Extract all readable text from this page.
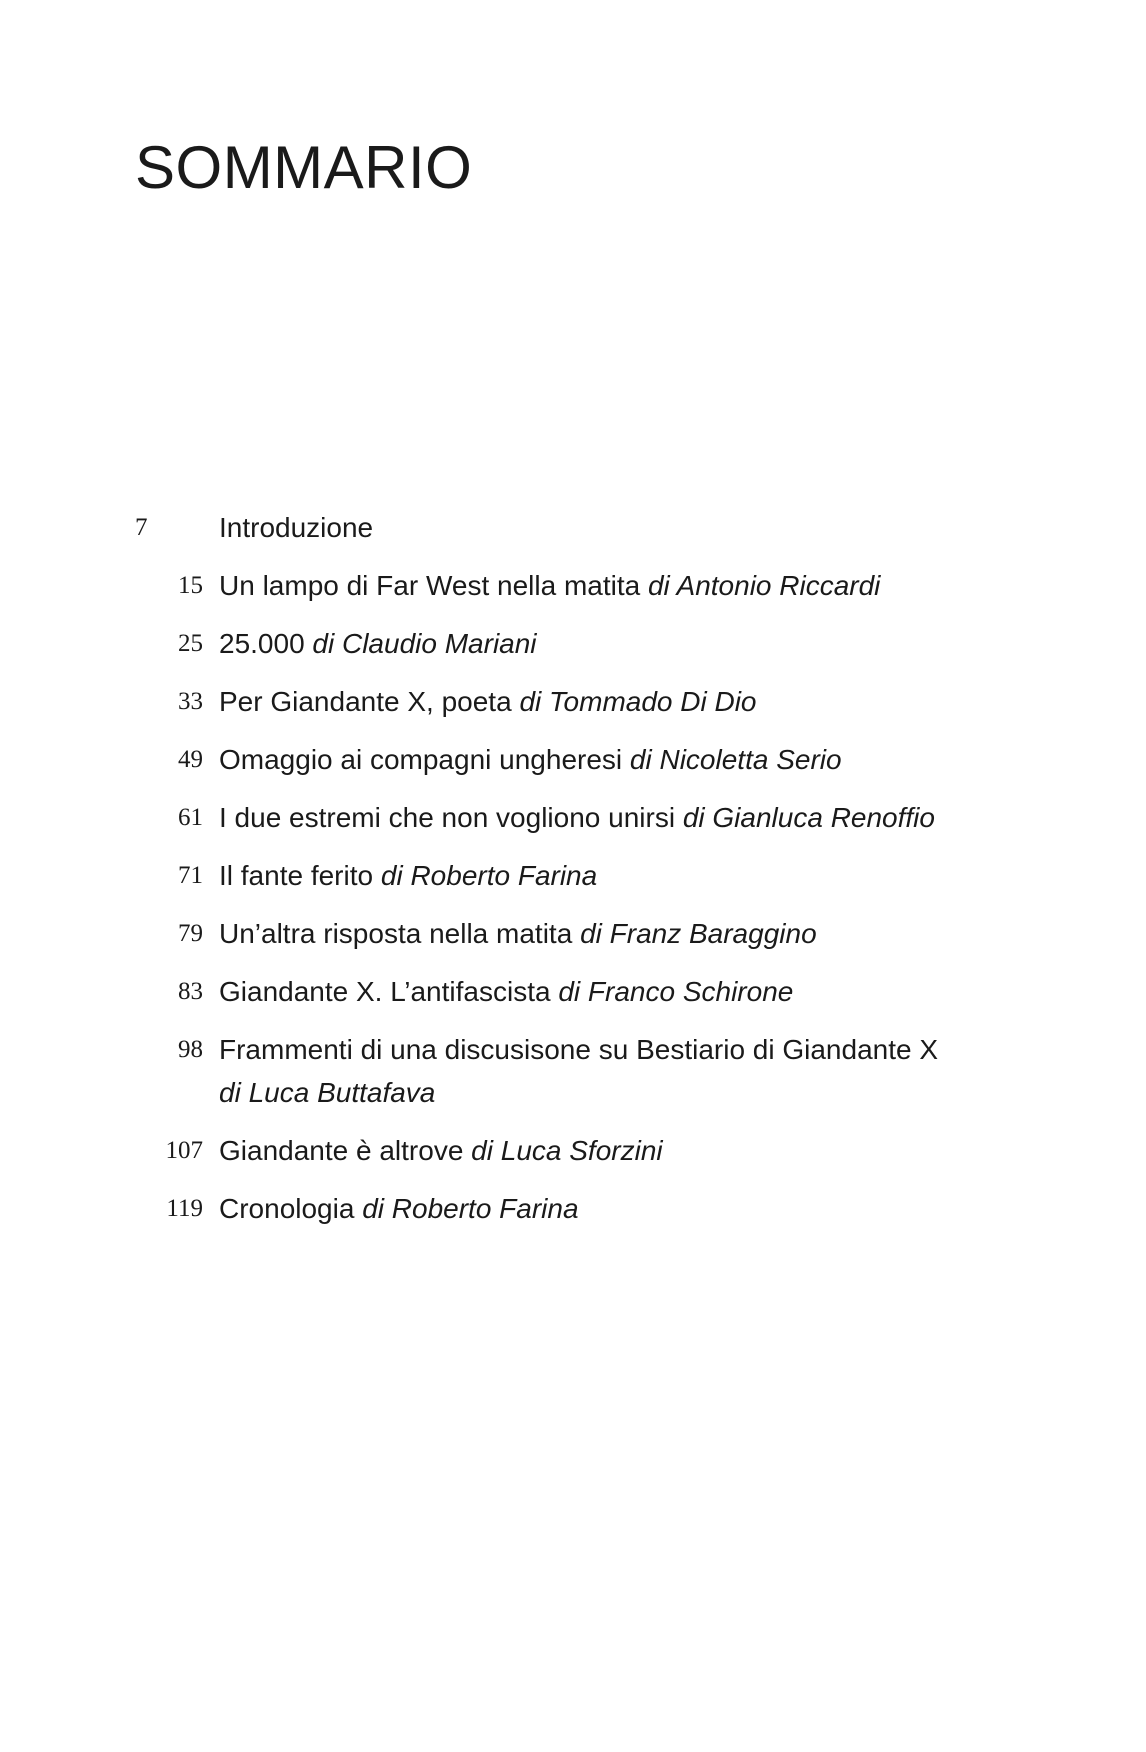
SOMMARIO
7	Introduzione
15 Un lampo di Far West nella matita di Antonio Riccardi
25 25.000 di Claudio Mariani
33 Per Giandante X, poeta di Tommado Di Dio
49 Omaggio ai compagni ungheresi di Nicoletta Serio
61 I due estremi che non vogliono unirsi di Gianluca Renoffio
71 Il fante ferito di Roberto Farina
79 Un’altra risposta nella matita di Franz Baraggino
83 Giandante X. L’antifascista di Franco Schirone
98 Frammenti di una discusisone su Bestiario di Giandante X
di Luca Buttafava
107 Giandante è altrove di Luca Sforzini
119 Cronologia di Roberto Farina
